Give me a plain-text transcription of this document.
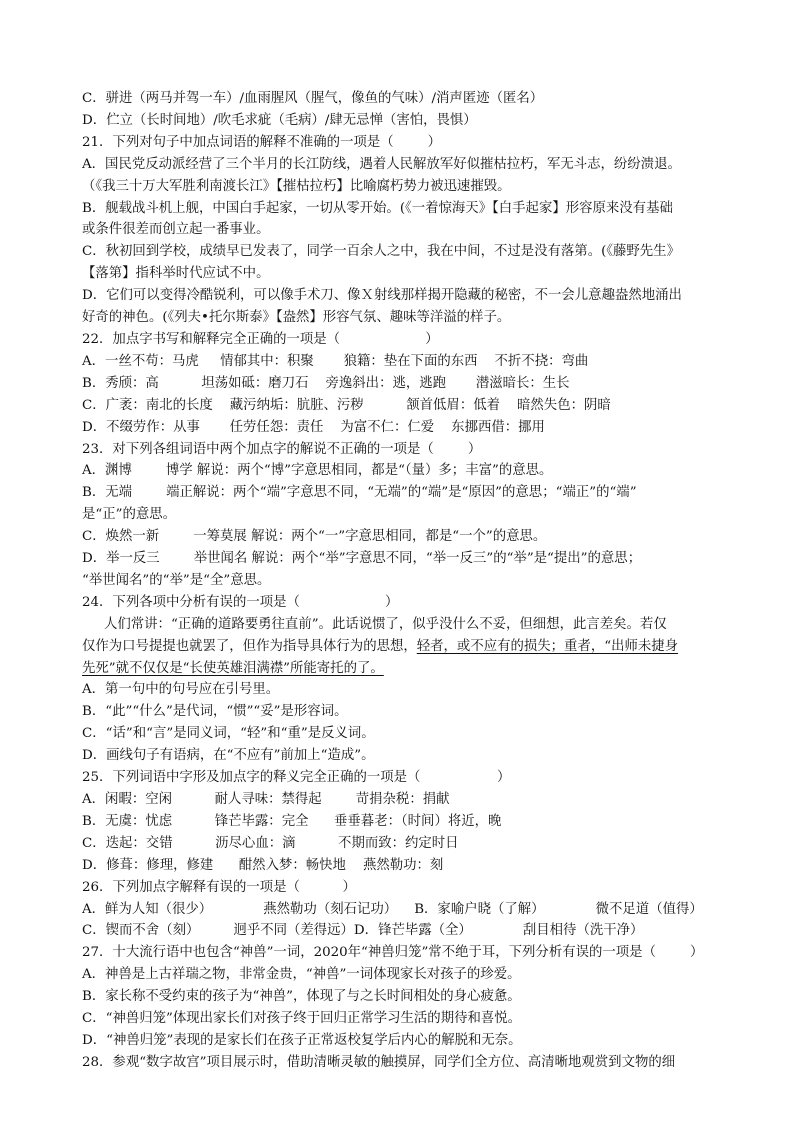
C．骈进（两马并驾一车）/血雨腥风（腥气，像鱼的气味）/消声匿迹（匿名）
D．伫立（长时间地）/吹毛求疵（毛病）/肆无忌惮（害怕，畏惧）
21．下列对句子中加点词语的解释不准确的一项是（        ）
A．国民党反动派经营了三个半月的长江防线，遇着人民解放军好似摧枯拉朽，军无斗志，纷纷溃退。
（《我三十万大军胜利南渡长江》【摧枯拉朽】比喻腐朽势力被迅速摧毁。
B．舰载战斗机上舰，中国白手起家，一切从零开始。(《一着惊海天》【白手起家】形容原来没有基础
或条件很差而创立起一番事业。
C．秋初回到学校，成绩早已发表了，同学一百余人之中，我在中间，不过是没有落第。(《藤野先生》
【落第】指科举时代应试不中。
D．它们可以变得冷酷锐利，可以像手术刀、像Ｘ射线那样揭开隐藏的秘密，不一会儿意趣盎然地涌出
好奇的神色。(《列夫•托尔斯泰》【盎然】形容气氛、趣味等洋溢的样子。
22．加点字书写和解释完全正确的一项是（                    ）
A．一丝不苟：马虎     情郁其中：积聚       狼籍：垫在下面的东西    不折不挠：弯曲
B．秀颀：高          坦荡如砥：磨刀石    旁逸斜出：逃，逃跑       潜滋暗长：生长
C．广袤：南北的长度    藏污纳垢：肮脏、污秽          颔首低眉：低着    暗然失色：阴暗
D．不缀劳作：从事       任劳任怨：责任    为富不仁：仁爱    东挪西借：挪用
23．对下列各组词语中两个加点字的解说不正确的一项是（        ）
A．渊博        博学 解说：两个“博”字意思相同，都是“（量）多；丰富”的意思。
B．无端        端正解说：两个“端”字意思不同，“无端”的“端”是“原因”的意思；“端正”的“端”
是“正”的意思。
C．焕然一新        一筹莫展 解说：两个“一”字意思相同，都是“一个”的意思。
D．举一反三        举世闻名 解说：两个“举”字意思不同，“举一反三”的“举”是“提出”的意思；
“举世闻名”的“举”是“全”意思。
24．下列各项中分析有误的一项是（                    ）
人们常讲：“正确的道路要勇往直前”。此话说惯了，似乎没什么不妥，但细想，此言差矣。若仅
仅作为口号提提也就罢了，但作为指导具体行为的思想，轻者，或不应有的损失；重者，“出师未捷身
先死”就不仅仅是“长使英雄泪满襟”所能寄托的了。
A．第一句中的句号应在引号里。
B．“此”“什么”是代词，“惯”“妥”是形容词。
C．“话”和“言”是同义词，“轻”和“重”是反义词。
D．画线句子有语病，在“不应有”前加上“造成”。
25．下列词语中字形及加点字的释义完全正确的一项是（                  ）
A．闲暇：空闲          耐人寻味：禁得起        苛捐杂税：捐献
B．无虞：忧虑          锋芒毕露：完全      垂垂暮老：（时间）将近，晚
C．迭起：交错          沥尽心血：滴          不期而致：约定时日
D．修葺：修理，修建      酣然入梦：畅快地    燕然勒功：刻
26．下列加点字解释有误的一项是（          ）
A．鲜为人知（很少）            燕然勒功（刻石记功）    B．家喻户晓（了解）            微不足道（值得）
C．锲而不舍（刻）        迥乎不同（差得远）D．锋芒毕露（全）            刮目相待（洗干净）
27．十大流行语中也包含“神兽”一词，2020年“神兽归笼”常不绝于耳，下列分析有误的一项是（        ）
A．神兽是上古祥瑞之物，非常金贵，“神兽”一词体现家长对孩子的珍爱。
B．家长称不受约束的孩子为“神兽”，体现了与之长时间相处的身心疲惫。
C．“神兽归笼”体现出家长们对孩子终于回归正常学习生活的期待和喜悦。
D．“神兽归笼”表现的是家长们在孩子正常返校复学后内心的解脱和无奈。
28．参观“数字故宫”项目展示时，借助清晰灵敏的触摸屏，同学们全方位、高清晰地观赏到文物的细
